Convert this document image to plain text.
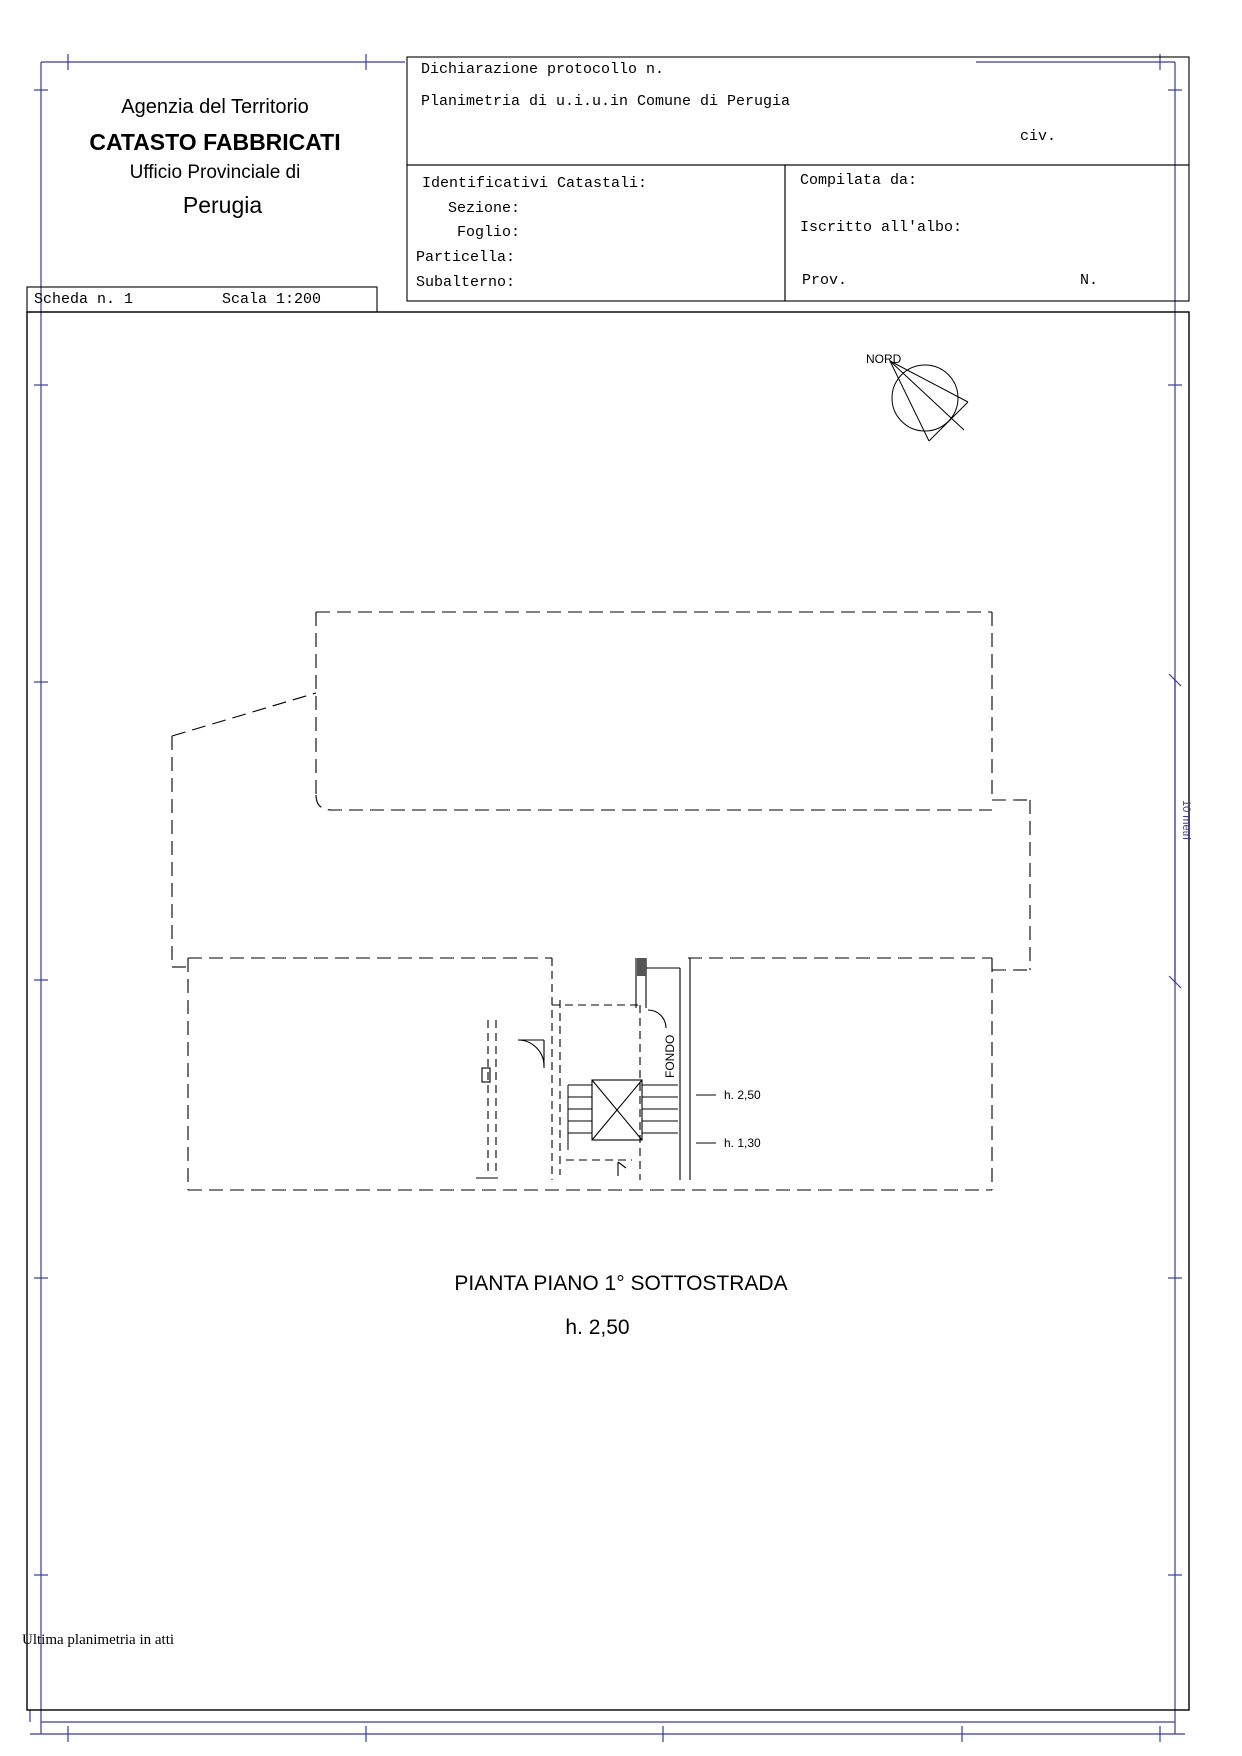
Agenzia del Territorio
CATASTO FABBRICATI
Ufficio Provinciale di
Perugia
Dichiarazione protocollo n.
Planimetria di u.i.u.in Comune di Perugia
civ.
Identificativi Catastali:
Sezione:
Foglio:
Particella:
Subalterno:
Compilata da:
Iscritto all'albo:
Prov.	N.
Scheda n. 1	Scala 1:200
NORD
FONDO
h. 2,50
h. 1,30
10 metri
PIANTA PIANO 1° SOTTOSTRADA
h. 2,50
Ultima planimetria in atti
